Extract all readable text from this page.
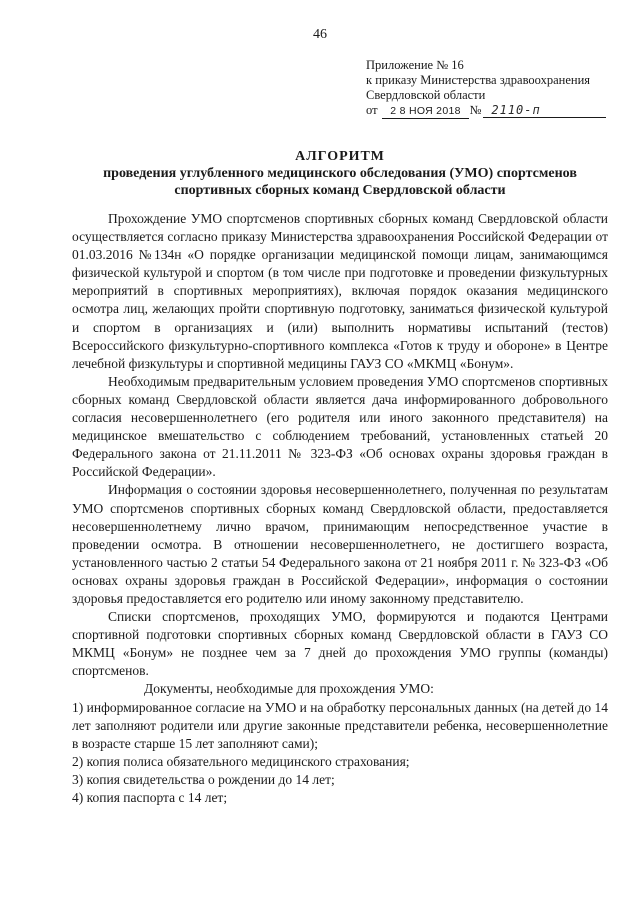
46
Приложение № 16
к приказу Министерства здравоохранения
Свердловской области
от	2 8 НОЯ 2018 № 2110-п
АЛГОРИТМ
проведения углубленного медицинского обследования (УМО) спортсменов
спортивных сборных команд Свердловской области

Прохождение УМО спортсменов спортивных сборных команд Свердловской области осуществляется согласно приказу Министерства здравоохранения Российской Федерации от 01.03.2016 №134н «О порядке организации медицинской помощи лицам, занимающимся физической культурой и спортом (в том числе при подготовке и проведении физкультурных мероприятий в спортивных мероприятиях), включая порядок оказания медицинского осмотра лиц, желающих пройти спортивную подготовку, заниматься физической культурой и спортом в организациях и (или) выполнить нормативы испытаний (тестов) Всероссийского физкультурно-спортивного комплекса «Готов к труду и обороне» в Центре лечебной физкультуры и спортивной медицины ГАУЗ СО «МКМЦ «Бонум».

Необходимым предварительным условием проведения УМО спортсменов спортивных сборных команд Свердловской области является дача информированного добровольного согласия несовершеннолетнего (его родителя или иного законного представителя) на медицинское вмешательство с соблюдением требований, установленных статьей 20 Федерального закона от 21.11.2011 № 323-ФЗ «Об основах охраны здоровья граждан в Российской Федерации».

Информация о состоянии здоровья несовершеннолетнего, полученная по результатам УМО спортсменов спортивных сборных команд Свердловской области, предоставляется несовершеннолетнему лично врачом, принимающим непосредственное участие в проведении осмотра. В отношении несовершеннолетнего, не достигшего возраста, установленного частью 2 статьи 54 Федерального закона от 21 ноября 2011 г. № 323-ФЗ «Об основах охраны здоровья граждан в Российской Федерации», информация о состоянии здоровья предоставляется его родителю или иному законному представителю.

Списки спортсменов, проходящих УМО, формируются и подаются Центрами спортивной подготовки спортивных сборных команд Свердловской области в ГАУЗ СО МКМЦ «Бонум» не позднее чем за 7 дней до прохождения УМО группы (команды) спортсменов.

Документы, необходимые для прохождения УМО:

1) информированное согласие на УМО и на обработку персональных данных (на детей до 14 лет заполняют родители или другие законные представители ребенка, несовершеннолетние в возрасте старше 15 лет заполняют сами);

2) копия полиса обязательного медицинского страхования;

3) копия свидетельства о рождении до 14 лет;

4) копия паспорта с 14 лет;
